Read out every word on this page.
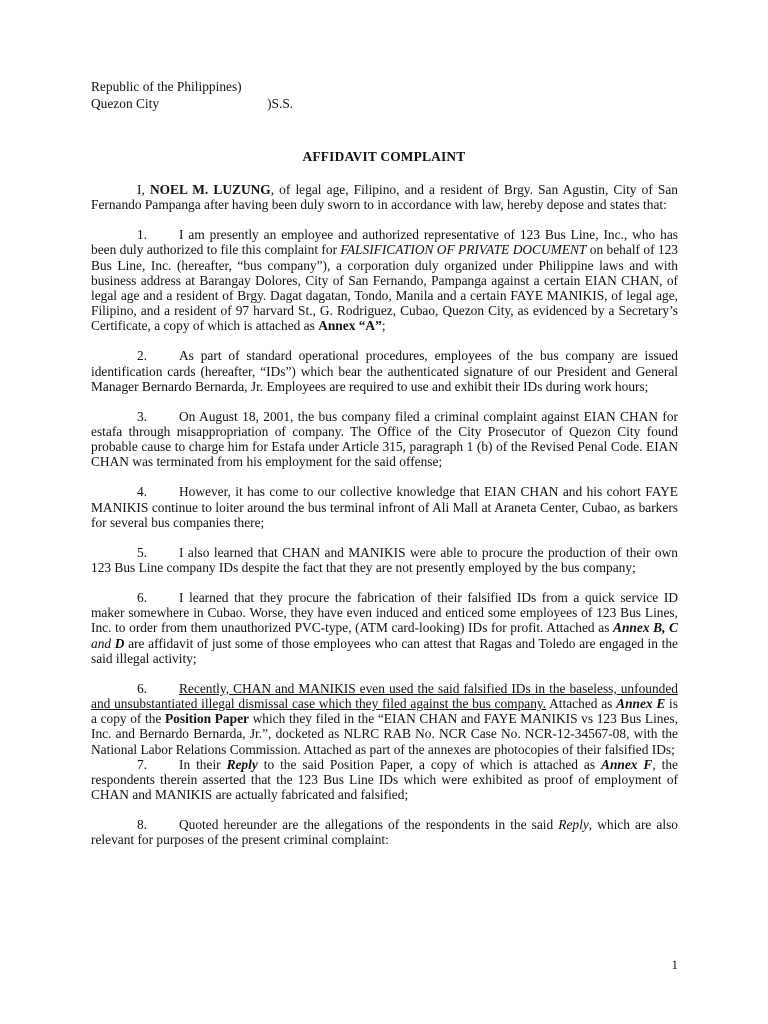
Republic of the Philippines)
Quezon City	)S.S.
AFFIDAVIT COMPLAINT

I, NOEL M. LUZUNG, of legal age, Filipino, and a resident of Brgy. San Agustin, City of San Fernando Pampanga after having been duly sworn to in accordance with law, hereby depose and states that:

1. I am presently an employee and authorized representative of 123 Bus Line, Inc., who has been duly authorized to file this complaint for FALSIFICATION OF PRIVATE DOCUMENT on behalf of 123 Bus Line, Inc. (hereafter, “bus company”), a corporation duly organized under Philippine laws and with business address at Barangay Dolores, City of San Fernando, Pampanga against a certain EIAN CHAN, of legal age and a resident of Brgy. Dagat dagatan, Tondo, Manila and a certain FAYE MANIKIS, of legal age, Filipino, and a resident of 97 harvard St., G. Rodriguez, Cubao, Quezon City, as evidenced by a Secretary’s Certificate, a copy of which is attached as Annex “A”;

2. As part of standard operational procedures, employees of the bus company are issued identification cards (hereafter, “IDs”) which bear the authenticated signature of our President and General Manager Bernardo Bernarda, Jr. Employees are required to use and exhibit their IDs during work hours;

3. On August 18, 2001, the bus company filed a criminal complaint against EIAN CHAN for estafa through misappropriation of company. The Office of the City Prosecutor of Quezon City found probable cause to charge him for Estafa under Article 315, paragraph 1 (b) of the Revised Penal Code. EIAN CHAN was terminated from his employment for the said offense;

4. However, it has come to our collective knowledge that EIAN CHAN and his cohort FAYE MANIKIS continue to loiter around the bus terminal infront of Ali Mall at Araneta Center, Cubao, as barkers for several bus companies there;

5. I also learned that CHAN and MANIKIS were able to procure the production of their own 123 Bus Line company IDs despite the fact that they are not presently employed by the bus company;

6. I learned that they procure the fabrication of their falsified IDs from a quick service ID maker somewhere in Cubao. Worse, they have even induced and enticed some employees of 123 Bus Lines, Inc. to order from them unauthorized PVC-type, (ATM card-looking) IDs for profit. Attached as Annex B, C and D are affidavit of just some of those employees who can attest that Ragas and Toledo are engaged in the said illegal activity;

6. Recently, CHAN and MANIKIS even used the said falsified IDs in the baseless, unfounded and unsubstantiated illegal dismissal case which they filed against the bus company. Attached as Annex E is a copy of the Position Paper which they filed in the “EIAN CHAN and FAYE MANIKIS vs 123 Bus Lines, Inc. and Bernardo Bernarda, Jr.”, docketed as NLRC RAB No. NCR Case No. NCR-12-34567-08, with the National Labor Relations Commission. Attached as part of the annexes are photocopies of their falsified IDs;

7. In their Reply to the said Position Paper, a copy of which is attached as Annex F, the respondents therein asserted that the 123 Bus Line IDs which were exhibited as proof of employment of CHAN and MANIKIS are actually fabricated and falsified;

8. Quoted hereunder are the allegations of the respondents in the said Reply, which are also relevant for purposes of the present criminal complaint:

1
